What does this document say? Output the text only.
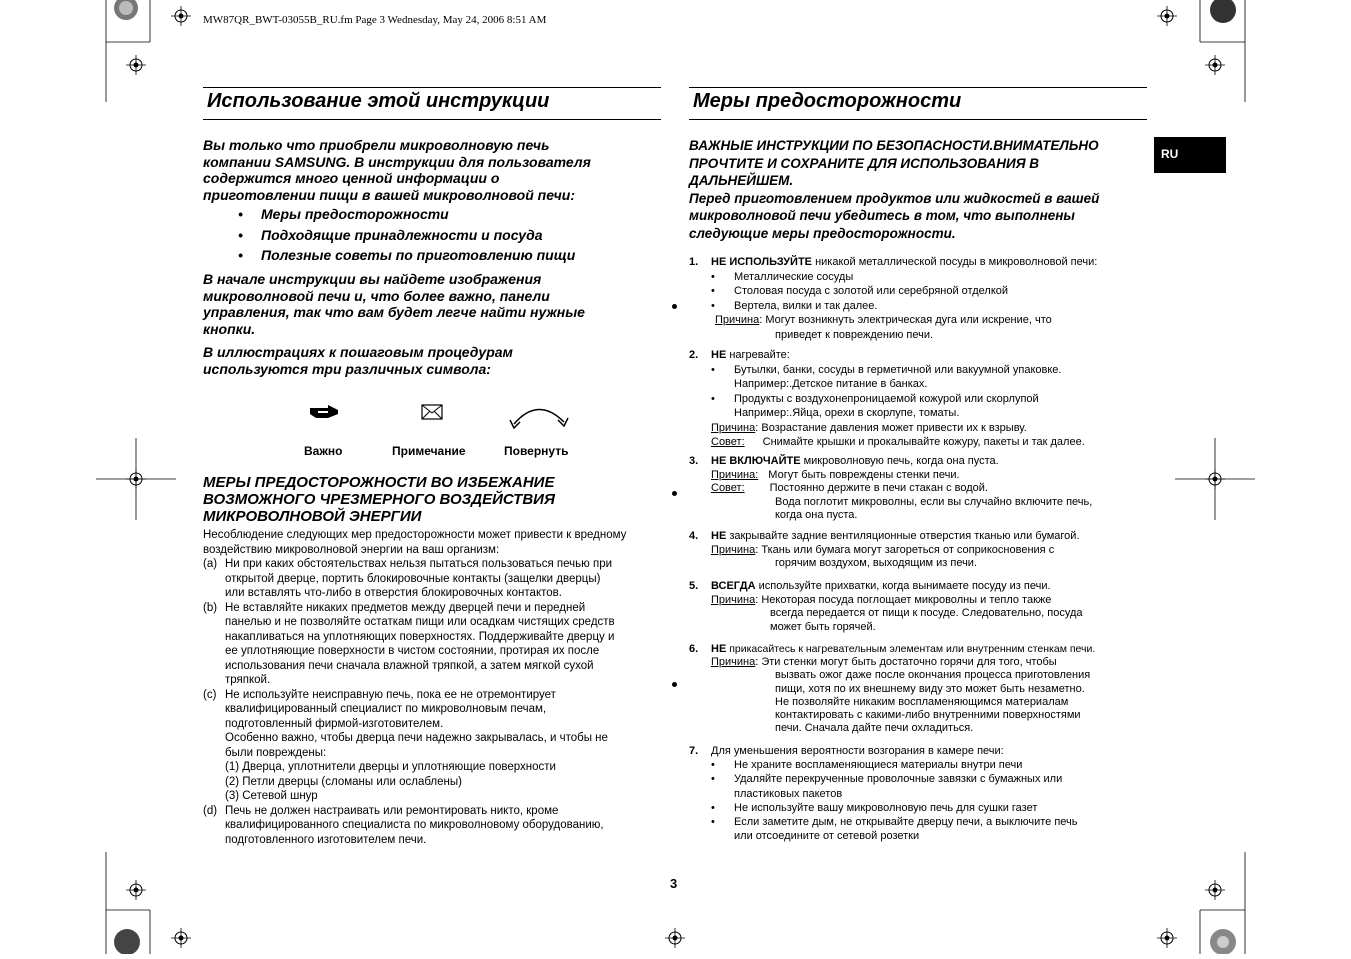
MW87QR_BWT-03055B_RU.fm Page 3 Wednesday, May 24, 2006 8:51 AM
RU
Использование этой инструкции
Вы только что приобрели микроволновую печь
компании SAMSUNG. В инструкции для пользователя
содержится много ценной информации о
приготовлении пищи в вашей микроволновой печи:
• Меры предосторожности
• Подходящие принадлежности и посуда
• Полезные советы по приготовлению пищи
В начале инструкции вы найдете изображения
микроволновой печи и, что более важно, панели
управления, так что вам будет легче найти нужные
кнопки.
В иллюстрациях к пошаговым процедурам
используются три различных символа:
Важно	Примечание	Повернуть
МЕРЫ ПРЕДОСТОРОЖНОСТИ ВО ИЗБЕЖАНИЕ
ВОЗМОЖНОГО ЧРЕЗМЕРНОГО ВОЗДЕЙСТВИЯ
МИКРОВОЛНОВОЙ ЭНЕРГИИ
Несоблюдение следующих мер предосторожности может привести к вредному
воздействию микроволновой энергии на ваш организм:
(a) Ни при каких обстоятельствах нельзя пытаться пользоваться печью при
открытой дверце, портить блокировочные контакты (защелки дверцы)
или вставлять что-либо в отверстия блокировочных контактов.
(b) Не вставляйте никаких предметов между дверцей печи и передней
панелью и не позволяйте остаткам пищи или осадкам чистящих средств
накапливаться на уплотняющих поверхностях. Поддерживайте дверцу и
ее уплотняющие поверхности в чистом состоянии, протирая их после
использования печи сначала влажной тряпкой, а затем мягкой сухой
тряпкой.
(c) Не используйте неисправную печь, пока ее не отремонтирует
квалифицированный специалист по микроволновым печам,
подготовленный фирмой-изготовителем.
Особенно важно, чтобы дверца печи надежно закрывалась, и чтобы не
были повреждены:
(1) Дверца, уплотнители дверцы и уплотняющие поверхности
(2) Петли дверцы (сломаны или ослаблены)
(3) Сетевой шнур
(d) Печь не должен настраивать или ремонтировать никто, кроме
квалифицированного специалиста по микроволновому оборудованию,
подготовленного изготовителем печи.
Меры предосторожности
ВАЖНЫЕ ИНСТРУКЦИИ ПО БЕЗОПАСНОСТИ.ВНИМАТЕЛЬНО
ПРОЧТИТЕ И СОХРАНИТЕ ДЛЯ ИСПОЛЬЗОВАНИЯ В
ДАЛЬНЕЙШЕМ.
Перед приготовлением продуктов или жидкостей в вашей
микроволновой печи убедитесь в том, что выполнены
следующие меры предосторожности.
1. НЕ ИСПОЛЬЗУЙТЕ никакой металлической посуды в микроволновой печи:
• Металлические сосуды
• Столовая посуда с золотой или серебряной отделкой
• Вертела, вилки и так далее.
Причина: Могут возникнуть электрическая дуга или искрение, что
приведет к повреждению печи.
2. НЕ нагревайте:
• Бутылки, банки, сосуды в герметичной или вакуумной упаковке.
Например:.Детское питание в банках.
• Продукты с воздухонепроницаемой кожурой или скорлупой
Например:.Яйца, орехи в скорлупе, томаты.
Причина: Возрастание давления может привести их к взрыву.
Совет: Снимайте крышки и прокалывайте кожуру, пакеты и так далее.
3. НЕ ВКЛЮЧАЙТЕ микроволновую печь, когда она пуста.
Причина: Могут быть повреждены стенки печи.
Совет: Постоянно держите в печи стакан с водой.
Вода поглотит микроволны, если вы случайно включите печь,
когда она пуста.
4. НЕ закрывайте задние вентиляционные отверстия тканью или бумагой.
Причина: Ткань или бумага могут загореться от соприкосновения с
горячим воздухом, выходящим из печи.
5. ВСЕГДА используйте прихватки, когда вынимаете посуду из печи.
Причина: Некоторая посуда поглощает микроволны и тепло также
всегда передается от пищи к посуде. Следовательно, посуда
может быть горячей.
6. НЕ прикасайтесь к нагревательным элементам или внутренним стенкам печи.
Причина: Эти стенки могут быть достаточно горячи для того, чтобы
вызвать ожог даже после окончания процесса приготовления
пищи, хотя по их внешнему виду это может быть незаметно.
Не позволяйте никаким воспламеняющимся материалам
контактировать с какими-либо внутренними поверхностями
печи. Сначала дайте печи охладиться.
7. Для уменьшения вероятности возгорания в камере печи:
• Не храните воспламеняющиеся материалы внутри печи
• Удаляйте перекрученные проволочные завязки с бумажных или
пластиковых пакетов
• Не используйте вашу микроволновую печь для сушки газет
• Если заметите дым, не открывайте дверцу печи, а выключите печь
или отсоедините от сетевой розетки
3
